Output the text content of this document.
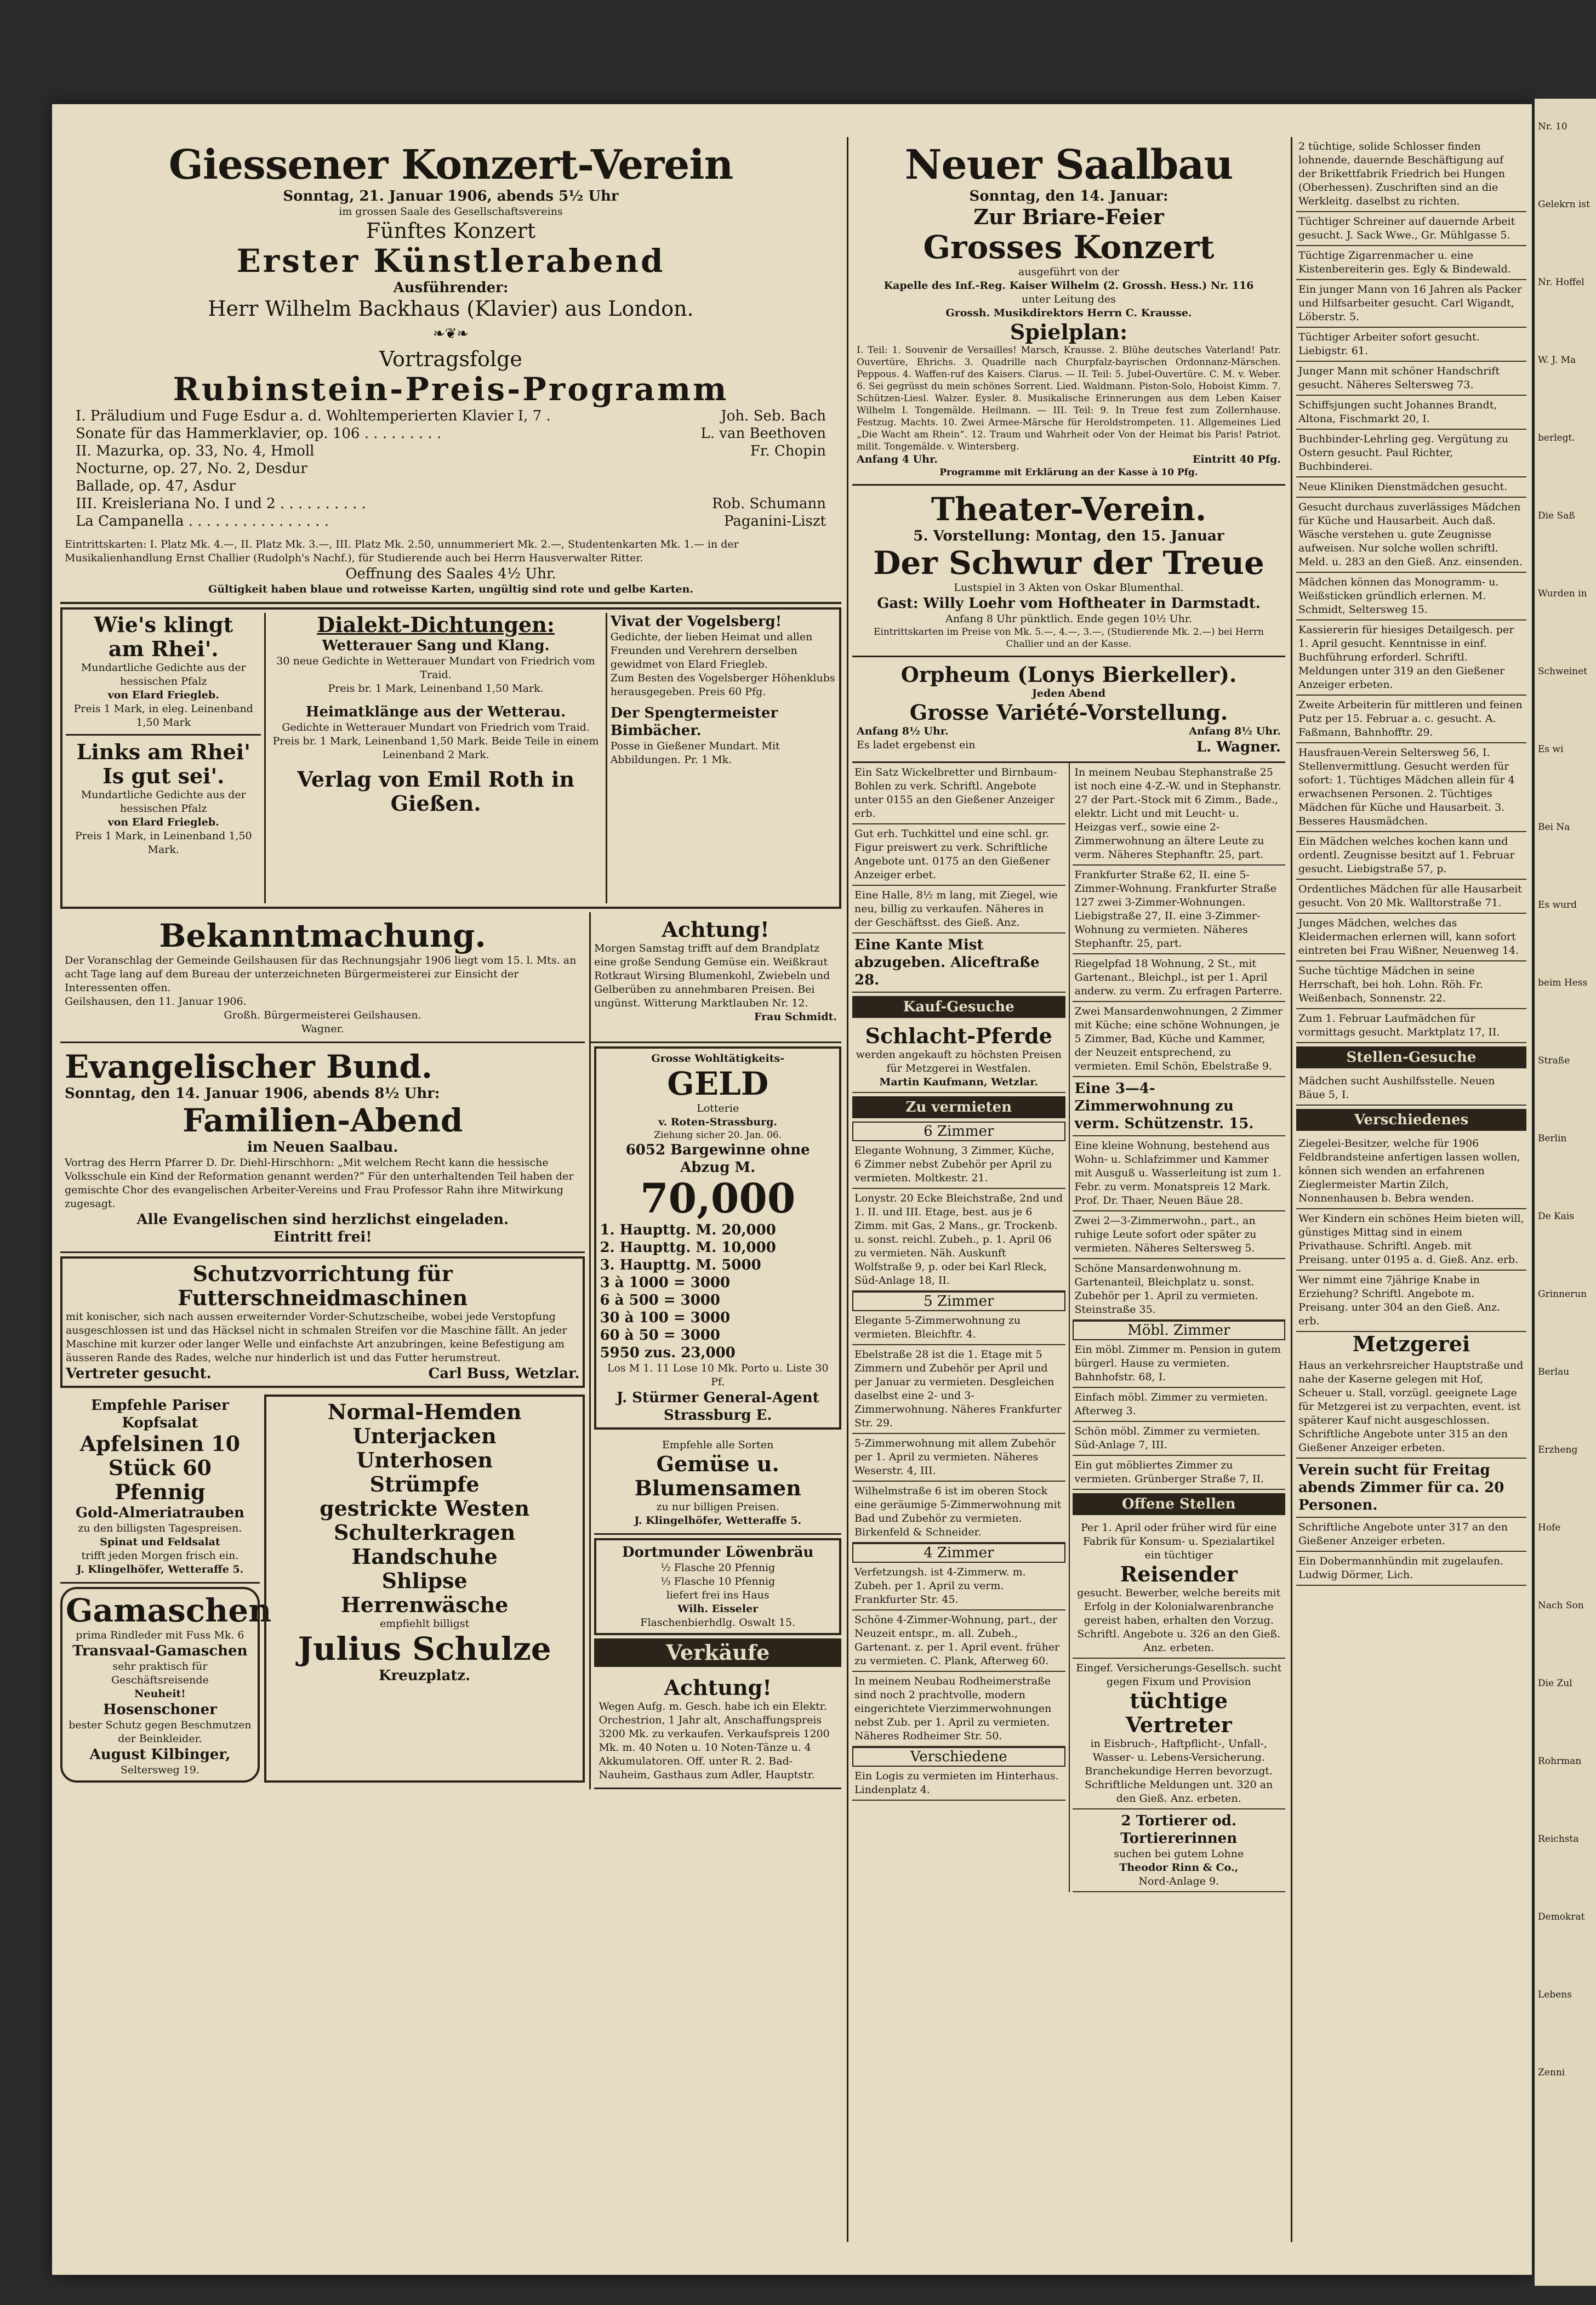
Giessener Konzert-Verein
Sonntag, 21. Januar 1906, abends 5½ Uhr
im grossen Saale des Gesellschaftsvereins
Fünftes Konzert
Erster Künstlerabend
Ausführender:
Herr Wilhelm Backhaus (Klavier) aus London.
❧❦❧
Vortragsfolge
Rubinstein-Preis-Programm
I. Präludium und Fuge Esdur a. d. Wohltemperierten Klavier I, 7 .	Joh. Seb. Bach
Sonate für das Hammerklavier, op. 106 . . . . . . . . .	L. van Beethoven
II. Mazurka, op. 33, No. 4, Hmoll	Fr. Chopin
Nocturne, op. 27, No. 2, Desdur
Ballade, op. 47, Asdur
III. Kreisleriana No. I und 2 . . . . . . . . . .	Rob. Schumann
La Campanella . . . . . . . . . . . . . . . .	Paganini-Liszt
Eintrittskarten: I. Platz Mk. 4.—, II. Platz Mk. 3.—, III. Platz Mk. 2.50, unnummeriert Mk. 2.—, Studentenkarten Mk. 1.— in der Musikalienhandlung Ernst Challier (Rudolph's Nachf.), für Studierende auch bei Herrn Hausverwalter Ritter.
Oeffnung des Saales 4½ Uhr.
Gültigkeit haben blaue und rotweisse Karten, ungültig sind rote und gelbe Karten.
Wie's klingt
am Rhei'.
Mundartliche Gedichte aus der hessischen Pfalz
von Elard Friegleb.
Preis 1 Mark, in eleg. Leinenband 1,50 Mark
Links am Rhei'
Is gut sei'.
Mundartliche Gedichte aus der hessischen Pfalz
von Elard Friegleb.
Preis 1 Mark, in Leinenband 1,50 Mark.
Dialekt-Dichtungen:
Wetterauer Sang und Klang.
30 neue Gedichte in Wetterauer Mundart von Friedrich vom Traid.
Preis br. 1 Mark, Leinenband 1,50 Mark.
Heimatklänge aus der Wetterau.
Gedichte in Wetterauer Mundart von Friedrich vom Traid.
Preis br. 1 Mark, Leinenband 1,50 Mark. Beide Teile in einem Leinenband 2 Mark.
Verlag von Emil Roth in Gießen.
Vivat der Vogelsberg!
Gedichte, der lieben Heimat und allen Freunden und Verehrern derselben gewidmet von Elard Friegleb.
Zum Besten des Vogelsberger Höhenklubs herausgegeben. Preis 60 Pfg.
Der Spengtermeister Bimbächer.
Posse in Gießener Mundart. Mit Abbildungen. Pr. 1 Mk.
Bekanntmachung.
Der Voranschlag der Gemeinde Geilshausen für das Rechnungsjahr 1906 liegt vom 15. l. Mts. an acht Tage lang auf dem Bureau der unterzeichneten Bürgermeisterei zur Einsicht der Interessenten offen.
Geilshausen, den 11. Januar 1906.
Großh. Bürgermeisterei Geilshausen.
Wagner.
Achtung!
Morgen Samstag trifft auf dem Brandplatz eine große Sendung Gemüse ein. Weißkraut Rotkraut Wirsing Blumenkohl, Zwiebeln und Gelberüben zu annehmbaren Preisen. Bei ungünst. Witterung Marktlauben Nr. 12.
Frau Schmidt.
Evangelischer Bund.
Sonntag, den 14. Januar 1906, abends 8½ Uhr:
Familien-Abend
im Neuen Saalbau.
Vortrag des Herrn Pfarrer D. Dr. Diehl-Hirschhorn: „Mit welchem Recht kann die hessische Volksschule ein Kind der Reformation genannt werden?“ Für den unterhaltenden Teil haben der gemischte Chor des evangelischen Arbeiter-Vereins und Frau Professor Rahn ihre Mitwirkung zugesagt.
Alle Evangelischen sind herzlichst eingeladen.
Eintritt frei!
Schutzvorrichtung für
Futterschneidmaschinen
mit konischer, sich nach aussen erweiternder Vorder-Schutzscheibe, wobei jede Verstopfung ausgeschlossen ist und das Häcksel nicht in schmalen Streifen vor die Maschine fällt. An jeder Maschine mit kurzer oder langer Welle und einfachste Art anzubringen, keine Befestigung am äusseren Rande des Rades, welche nur hinderlich ist und das Futter herumstreut.
Vertreter gesucht.	Carl Buss, Wetzlar.
Empfehle Pariser Kopfsalat
Apfelsinen 10 Stück 60 Pfennig
Gold-Almeriatrauben
zu den billigsten Tagespreisen.
Spinat und Feldsalat
trifft jeden Morgen frisch ein.
J. Klingelhöfer, Wetteraffe 5.
Gamaschen
prima Rindleder mit Fuss Mk. 6
Transvaal-Gamaschen
sehr praktisch für Geschäftsreisende
Neuheit!
Hosenschoner
bester Schutz gegen Beschmutzen der Beinkleider.
August Kilbinger,
Seltersweg 19.
Normal-Hemden
Unterjacken
Unterhosen
Strümpfe
gestrickte Westen
Schulterkragen
Handschuhe
Shlipse
Herrenwäsche
empfiehlt billigst
Julius Schulze
Kreuzplatz.
Grosse Wohltätigkeits-
GELD
Lotterie
v. Roten-Strassburg.
Ziehung sicher 20. Jan. 06.
6052 Bargewinne ohne Abzug M.
70,000
1. Haupttg. M. 20,000
2. Haupttg. M. 10,000
3. Haupttg. M. 5000
3 à 1000 = 3000
6 à 500 = 3000
30 à 100 = 3000
60 à 50 = 3000
5950 zus. 23,000
Los M 1. 11 Lose 10 Mk. Porto u. Liste 30 Pf.
J. Stürmer General-Agent Strassburg E.
Empfehle alle Sorten
Gemüse u. Blumensamen
zu nur billigen Preisen.
J. Klingelhöfer, Wetteraffe 5.
Dortmunder Löwenbräu
½ Flasche 20 Pfennig
⅓ Flasche 10 Pfennig
liefert frei ins Haus
Wilh. Eisseler
Flaschenbierhdlg. Oswalt 15.
Verkäufe
Achtung!
Wegen Aufg. m. Gesch. habe ich ein Elektr. Orchestrion, 1 Jahr alt, Anschaffungspreis 3200 Mk. zu verkaufen. Verkaufspreis 1200 Mk. m. 40 Noten u. 10 Noten-Tänze u. 4 Akkumulatoren. Off. unter R. 2. Bad-Nauheim, Gasthaus zum Adler, Hauptstr.
Neuer Saalbau
Sonntag, den 14. Januar:
Zur Briare-Feier
Grosses Konzert
ausgeführt von der
Kapelle des Inf.-Reg. Kaiser Wilhelm (2. Grossh. Hess.) Nr. 116
unter Leitung des
Grossh. Musikdirektors Herrn C. Krausse.
Spielplan:
I. Teil: 1. Souvenir de Versailles! Marsch, Krausse. 2. Blühe deutsches Vaterland! Patr. Ouvertüre, Ehrichs. 3. Quadrille nach Churpfalz-bayrischen Ordonnanz-Märschen. Peppous. 4. Waffen-ruf des Kaisers. Clarus. — II. Teil: 5. Jubel-Ouvertüre. C. M. v. Weber. 6. Sei gegrüsst du mein schönes Sorrent. Lied. Waldmann. Piston-Solo, Hoboist Kimm. 7. Schützen-Liesl. Walzer. Eysler. 8. Musikalische Erinnerungen aus dem Leben Kaiser Wilhelm I. Tongemälde. Heilmann. — III. Teil: 9. In Treue fest zum Zollernhause. Festzug. Machts. 10. Zwei Armee-Märsche für Heroldstrompeten. 11. Allgemeines Lied „Die Wacht am Rhein“. 12. Traum und Wahrheit oder Von der Heimat bis Paris! Patriot. milit. Tongemälde. v. Wintersberg.
Anfang 4 Uhr.	Eintritt 40 Pfg.
Programme mit Erklärung an der Kasse à 10 Pfg.
Theater-Verein.
5. Vorstellung: Montag, den 15. Januar
Der Schwur der Treue
Lustspiel in 3 Akten von Oskar Blumenthal.
Gast: Willy Loehr vom Hoftheater in Darmstadt.
Anfang 8 Uhr pünktlich. Ende gegen 10½ Uhr.
Eintrittskarten im Preise von Mk. 5.—, 4.—, 3.—, (Studierende Mk. 2.—) bei Herrn Challier und an der Kasse.
Orpheum (Lonys Bierkeller).
Jeden Abend
Grosse Variété-Vorstellung.
Anfang 8½ Uhr.	Anfang 8½ Uhr.
Es ladet ergebenst ein	L. Wagner.
Ein Satz Wickelbretter und Birnbaum-Bohlen zu verk. Schriftl. Angebote unter 0155 an den Gießener Anzeiger erb.
Gut erh. Tuchkittel und eine schl. gr. Figur preiswert zu verk. Schriftliche Angebote unt. 0175 an den Gießener Anzeiger erbet.
Eine Halle, 8½ m lang, mit Ziegel, wie neu, billig zu verkaufen. Näheres in der Geschäftsst. des Gieß. Anz.
Eine Kante Mist abzugeben. Aliceftraße 28.
Kauf-Gesuche
Schlacht-Pferde
werden angekauft zu höchsten Preisen für Metzgerei in Westfalen.
Martin Kaufmann, Wetzlar.
Zu vermieten
6 Zimmer
Elegante Wohnung, 3 Zimmer, Küche, 6 Zimmer nebst Zubehör per April zu vermieten. Moltkestr. 21.
Lonystr. 20 Ecke Bleichstraße, 2nd und 1. II. und III. Etage, best. aus je 6 Zimm. mit Gas, 2 Mans., gr. Trockenb. u. sonst. reichl. Zubeh., p. 1. April 06 zu vermieten. Näh. Auskunft Wolfstraße 9, p. oder bei Karl Rleck, Süd-Anlage 18, II.
5 Zimmer
Elegante 5-Zimmerwohnung zu vermieten. Bleichftr. 4.
Ebelstraße 28 ist die 1. Etage mit 5 Zimmern und Zubehör per April und per Januar zu vermieten. Desgleichen daselbst eine 2- und 3-Zimmerwohnung. Näheres Frankfurter Str. 29.
5-Zimmerwohnung mit allem Zubehör per 1. April zu vermieten. Näheres Weserstr. 4, III.
Wilhelmstraße 6 ist im oberen Stock eine geräumige 5-Zimmerwohnung mit Bad und Zubehör zu vermieten. Birkenfeld & Schneider.
4 Zimmer
Verfetzungsh. ist 4-Zimmerw. m. Zubeh. per 1. April zu verm. Frankfurter Str. 45.
Schöne 4-Zimmer-Wohnung, part., der Neuzeit entspr., m. all. Zubeh., Gartenant. z. per 1. April event. früher zu vermieten. C. Plank, Afterweg 60.
In meinem Neubau Rodheimerstraße sind noch 2 prachtvolle, modern eingerichtete Vierzimmerwohnungen nebst Zub. per 1. April zu vermieten. Näheres Rodheimer Str. 50.
Verschiedene
Ein Logis zu vermieten im Hinterhaus. Lindenplatz 4.
In meinem Neubau Stephanstraße 25 ist noch eine 4-Z.-W. und in Stephanstr. 27 der Part.-Stock mit 6 Zimm., Bade., elektr. Licht und mit Leucht- u. Heizgas verf., sowie eine 2-Zimmerwohnung an ältere Leute zu verm. Näheres Stephanftr. 25, part.
Frankfurter Straße 62, II. eine 5-Zimmer-Wohnung. Frankfurter Straße 127 zwei 3-Zimmer-Wohnungen. Liebigstraße 27, II. eine 3-Zimmer-Wohnung zu vermieten. Näheres Stephanftr. 25, part.
Riegelpfad 18 Wohnung, 2 St., mit Gartenant., Bleichpl., ist per 1. April anderw. zu verm. Zu erfragen Parterre.
Zwei Mansardenwohnungen, 2 Zimmer mit Küche; eine schöne Wohnungen, je 5 Zimmer, Bad, Küche und Kammer, der Neuzeit entsprechend, zu vermieten. Emil Schön, Ebelstraße 9.
Eine 3—4-Zimmerwohnung zu verm. Schützenstr. 15.
Eine kleine Wohnung, bestehend aus Wohn- u. Schlafzimmer und Kammer mit Ausguß u. Wasserleitung ist zum 1. Febr. zu verm. Monatspreis 12 Mark. Prof. Dr. Thaer, Neuen Bäue 28.
Zwei 2—3-Zimmerwohn., part., an ruhige Leute sofort oder später zu vermieten. Näheres Seltersweg 5.
Schöne Mansardenwohnung m. Gartenanteil, Bleichplatz u. sonst. Zubehör per 1. April zu vermieten. Steinstraße 35.
Möbl. Zimmer
Ein möbl. Zimmer m. Pension in gutem bürgerl. Hause zu vermieten. Bahnhofstr. 68, I.
Einfach möbl. Zimmer zu vermieten. Afterweg 3.
Schön möbl. Zimmer zu vermieten. Süd-Anlage 7, III.
Ein gut möbliertes Zimmer zu vermieten. Grünberger Straße 7, II.
Offene Stellen
Per 1. April oder früher wird für eine Fabrik für Konsum- u. Spezialartikel ein tüchtiger
Reisender
gesucht. Bewerber, welche bereits mit Erfolg in der Kolonialwarenbranche gereist haben, erhalten den Vorzug. Schriftl. Angebote u. 326 an den Gieß. Anz. erbeten.
Eingef. Versicherungs-Gesellsch. sucht gegen Fixum und Provision
tüchtige Vertreter
in Eisbruch-, Haftpflicht-, Unfall-, Wasser- u. Lebens-Versicherung. Branchekundige Herren bevorzugt. Schriftliche Meldungen unt. 320 an den Gieß. Anz. erbeten.
2 Tortierer od. Tortiererinnen
suchen bei gutem Lohne
Theodor Rinn & Co.,
Nord-Anlage 9.
2 tüchtige, solide Schlosser finden lohnende, dauernde Beschäftigung auf der Brikettfabrik Friedrich bei Hungen (Oberhessen). Zuschriften sind an die Werkleitg. daselbst zu richten.
Tüchtiger Schreiner auf dauernde Arbeit gesucht. J. Sack Wwe., Gr. Mühlgasse 5.
Tüchtige Zigarrenmacher u. eine Kistenbereiterin ges. Egly & Bindewald.
Ein junger Mann von 16 Jahren als Packer und Hilfsarbeiter gesucht. Carl Wigandt, Löberstr. 5.
Tüchtiger Arbeiter sofort gesucht. Liebigstr. 61.
Junger Mann mit schöner Handschrift gesucht. Näheres Seltersweg 73.
Schiffsjungen sucht Johannes Brandt, Altona, Fischmarkt 20, I.
Buchbinder-Lehrling geg. Vergütung zu Ostern gesucht. Paul Richter, Buchbinderei.
Neue Kliniken Dienstmädchen gesucht.
Gesucht durchaus zuverlässiges Mädchen für Küche und Hausarbeit. Auch daß. Wäsche verstehen u. gute Zeugnisse aufweisen. Nur solche wollen schriftl. Meld. u. 283 an den Gieß. Anz. einsenden.
Mädchen können das Monogramm- u. Weißsticken gründlich erlernen. M. Schmidt, Seltersweg 15.
Kassiererin für hiesiges Detailgesch. per 1. April gesucht. Kenntnisse in einf. Buchführung erforderl. Schriftl. Meldungen unter 319 an den Gießener Anzeiger erbeten.
Zweite Arbeiterin für mittleren und feinen Putz per 15. Februar a. c. gesucht. A. Faßmann, Bahnhofftr. 29.
Hausfrauen-Verein Seltersweg 56, I. Stellenvermittlung. Gesucht werden für sofort: 1. Tüchtiges Mädchen allein für 4 erwachsenen Personen. 2. Tüchtiges Mädchen für Küche und Hausarbeit. 3. Besseres Hausmädchen.
Ein Mädchen welches kochen kann und ordentl. Zeugnisse besitzt auf 1. Februar gesucht. Liebigstraße 57, p.
Ordentliches Mädchen für alle Hausarbeit gesucht. Von 20 Mk. Walltorstraße 71.
Junges Mädchen, welches das Kleidermachen erlernen will, kann sofort eintreten bei Frau Wißner, Neuenweg 14.
Suche tüchtige Mädchen in seine Herrschaft, bei hoh. Lohn. Röh. Fr. Weißenbach, Sonnenstr. 22.
Zum 1. Februar Laufmädchen für vormittags gesucht. Marktplatz 17, II.
Stellen-Gesuche
Mädchen sucht Aushilfsstelle. Neuen Bäue 5, I.
Verschiedenes
Ziegelei-Besitzer, welche für 1906 Feldbrandsteine anfertigen lassen wollen, können sich wenden an erfahrenen Zieglermeister Martin Zilch, Nonnenhausen b. Bebra wenden.
Wer Kindern ein schönes Heim bieten will, günstiges Mittag sind in einem Privathause. Schriftl. Angeb. mit Preisang. unter 0195 a. d. Gieß. Anz. erb.
Wer nimmt eine 7jährige Knabe in Erziehung? Schriftl. Angebote m. Preisang. unter 304 an den Gieß. Anz. erb.
Metzgerei
Haus an verkehrsreicher Hauptstraße und nahe der Kaserne gelegen mit Hof, Scheuer u. Stall, vorzügl. geeignete Lage für Metzgerei ist zu verpachten, event. ist späterer Kauf nicht ausgeschlossen. Schriftliche Angebote unter 315 an den Gießener Anzeiger erbeten.
Verein sucht für Freitag abends Zimmer für ca. 20 Personen.
Schriftliche Angebote unter 317 an den Gießener Anzeiger erbeten.
Ein Dobermannhündin mit zugelaufen. Ludwig Dörmer, Lich.
Nr. 10
Gelekrn ist
Nr. Hoffel
W. J. Ma
berlegt.
Die Saß
Wurden in
Schweinet
Es wi
Bei Na
Es wurd
beim Hess
Straße
Berlin
De Kais
Grinnerun
Berlau
Erzheng
Hofe
Nach Son
Die Zul
Rohrman
Reichsta
Demokrat
Lebens
Zenni
